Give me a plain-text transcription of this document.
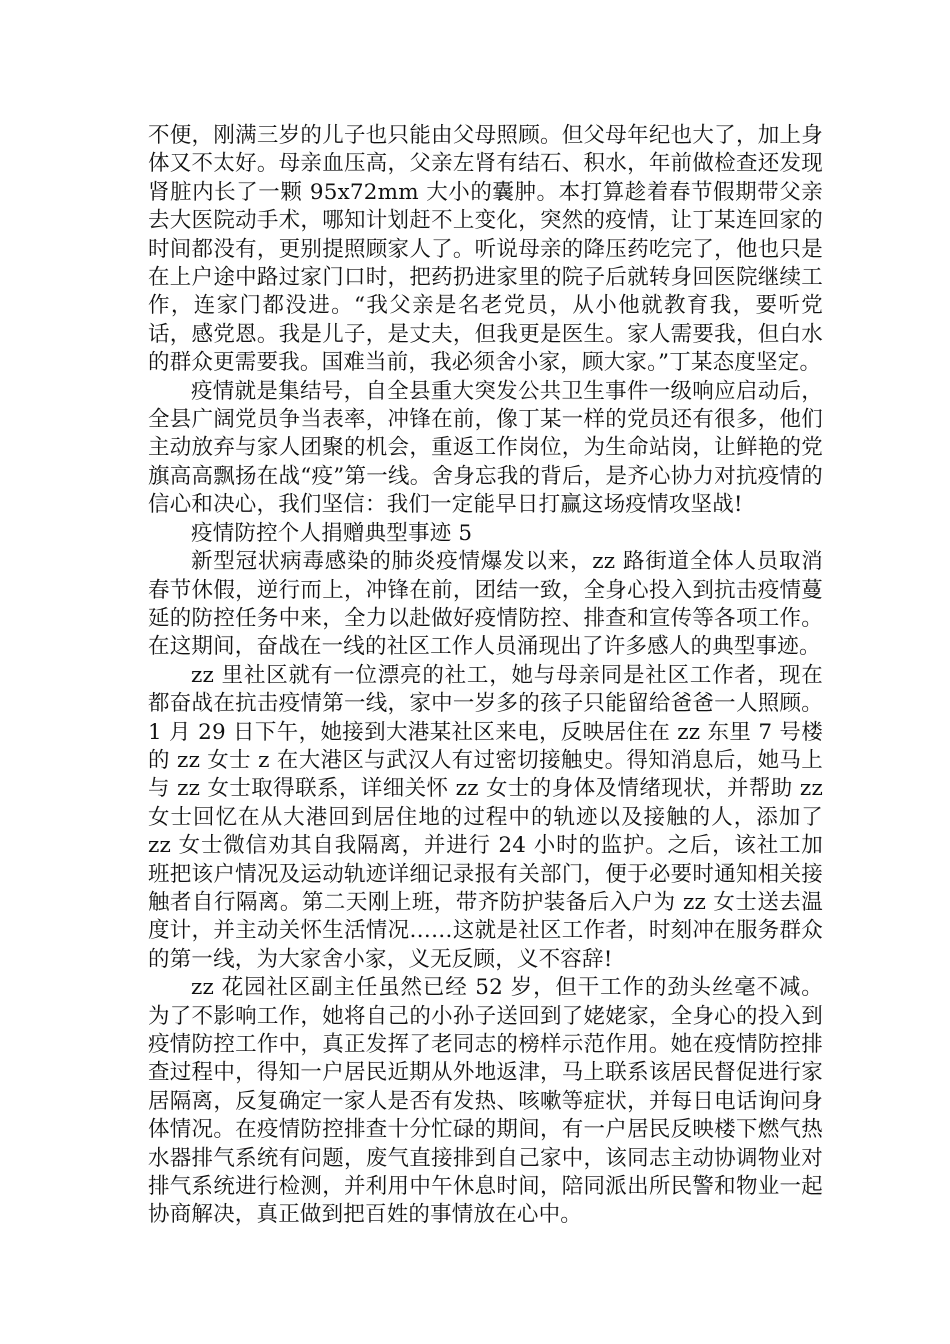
不便，刚满三岁的儿子也只能由父母照顾。但父母年纪也大了，加上身体又不太好。母亲血压高，父亲左肾有结石、积水，年前做检查还发现肾脏内长了一颗 95x72mm 大小的囊肿。本打算趁着春节假期带父亲去大医院动手术，哪知计划赶不上变化，突然的疫情，让丁某连回家的时间都没有，更别提照顾家人了。听说母亲的降压药吃完了，他也只是在上户途中路过家门口时，把药扔进家里的院子后就转身回医院继续工作，连家门都没进。“我父亲是名老党员，从小他就教育我，要听党话，感党恩。我是儿子，是丈夫，但我更是医生。家人需要我，但白水的群众更需要我。国难当前，我必须舍小家，顾大家。”丁某态度坚定。

疫情就是集结号，自全县重大突发公共卫生事件一级响应启动后，全县广阔党员争当表率，冲锋在前，像丁某一样的党员还有很多，他们主动放弃与家人团聚的机会，重返工作岗位，为生命站岗，让鲜艳的党旗高高飘扬在战“疫”第一线。舍身忘我的背后，是齐心协力对抗疫情的信心和决心，我们坚信：我们一定能早日打赢这场疫情攻坚战!

疫情防控个人捐赠典型事迹 5

新型冠状病毒感染的肺炎疫情爆发以来，zz 路街道全体人员取消春节休假，逆行而上，冲锋在前，团结一致，全身心投入到抗击疫情蔓延的防控任务中来，全力以赴做好疫情防控、排查和宣传等各项工作。在这期间，奋战在一线的社区工作人员涌现出了许多感人的典型事迹。

zz 里社区就有一位漂亮的社工，她与母亲同是社区工作者，现在都奋战在抗击疫情第一线，家中一岁多的孩子只能留给爸爸一人照顾。1 月 29 日下午，她接到大港某社区来电，反映居住在 zz 东里 7 号楼的 zz 女士 z 在大港区与武汉人有过密切接触史。得知消息后，她马上与 zz 女士取得联系，详细关怀 zz 女士的身体及情绪现状，并帮助 zz 女士回忆在从大港回到居住地的过程中的轨迹以及接触的人，添加了 zz 女士微信劝其自我隔离，并进行 24 小时的监护。之后，该社工加班把该户情况及运动轨迹详细记录报有关部门，便于必要时通知相关接触者自行隔离。第二天刚上班，带齐防护装备后入户为 zz 女士送去温度计，并主动关怀生活情况……这就是社区工作者，时刻冲在服务群众的第一线，为大家舍小家，义无反顾，义不容辞!

zz 花园社区副主任虽然已经 52 岁，但干工作的劲头丝毫不减。为了不影响工作，她将自己的小孙子送回到了姥姥家，全身心的投入到疫情防控工作中，真正发挥了老同志的榜样示范作用。她在疫情防控排查过程中，得知一户居民近期从外地返津，马上联系该居民督促进行家居隔离，反复确定一家人是否有发热、咳嗽等症状，并每日电话询问身体情况。在疫情防控排查十分忙碌的期间，有一户居民反映楼下燃气热水器排气系统有问题，废气直接排到自己家中，该同志主动协调物业对排气系统进行检测，并利用中午休息时间，陪同派出所民警和物业一起协商解决，真正做到把百姓的事情放在心中。
